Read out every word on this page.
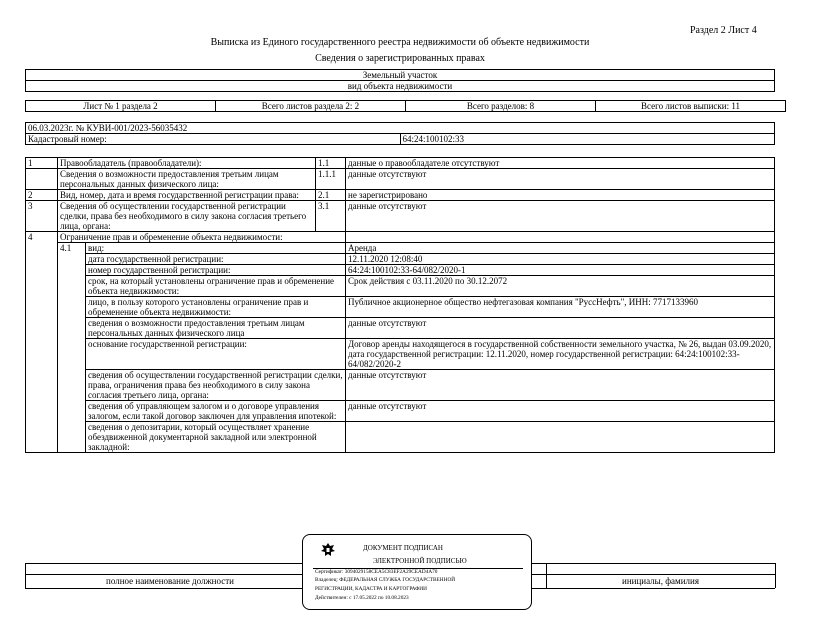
Раздел 2 Лист 4
Выписка из Единого государственного реестра недвижимости об объекте недвижимости
Сведения о зарегистрированных правах
Земельный участок
вид объекта недвижимости
Лист № 1 раздела 2	Всего листов раздела 2: 2	Всего разделов: 8	Всего листов выписки: 11
06.03.2023г. № КУВИ-001/2023-56035432
Кадастровый номер:	64:24:100102:33
1	Правообладатель (правообладатели):		1.1	данные о правообладателе отсутствуют
	Сведения о возможности предоставления третьим лицам персональных данных физического лица:		1.1.1	данные отсутствуют
2	Вид, номер, дата и время государственной регистрации права:		2.1	не зарегистрировано
3	Сведения об осуществлении государственной регистрации сделки, права без необходимого в силу закона согласия третьего лица, органа:		3.1	данные отсутствуют
4	Ограничение прав и обременение объекта недвижимости:			
	4.1	вид:		Аренда
		дата государственной регистрации:		12.11.2020 12:08:40
		номер государственной регистрации:		64:24:100102:33-64/082/2020-1
		срок, на который установлены ограничение прав и обременение объекта недвижимости:		Срок действия с 03.11.2020 по 30.12.2072
		лицо, в пользу которого установлены ограничение прав и обременение объекта недвижимости:		Публичное акционерное общество нефтегазовая компания "РуссНефть", ИНН: 7717133960
		сведения о возможности предоставления третьим лицам персональных данных физического лица		данные отсутствуют
		основание государственной регистрации:		Договор аренды находящегося в государственной собственности земельного участка, № 26, выдан 03.09.2020, дата государственной регистрации: 12.11.2020, номер государственной регистрации: 64:24:100102:33-64/082/2020-2
		сведения об осуществлении государственной регистрации сделки, права, ограничения права без необходимого в силу закона согласия третьего лица, органа:		данные отсутствуют
		сведения об управляющем залогом и о договоре управления залогом, если такой договор заключен для управления ипотекой:		данные отсутствуют
		сведения о депозитарии, который осуществляет хранение обездвиженной документарной закладной или электронной закладной:		
полное наименование должности	инициалы, фамилия
ДОКУМЕНТ ПОДПИСАН
ЭЛЕКТРОННОЙ ПОДПИСЬЮ
Сертификат: 3094029158CEA5C83EF2A29CEAD4A70
Владелец: ФЕДЕРАЛЬНАЯ СЛУЖБА ГОСУДАРСТВЕННОЙ
РЕГИСТРАЦИИ, КАДАСТРА И КАРТОГРАФИИ
Действителен: с 17.05.2022 по 10.08.2023
